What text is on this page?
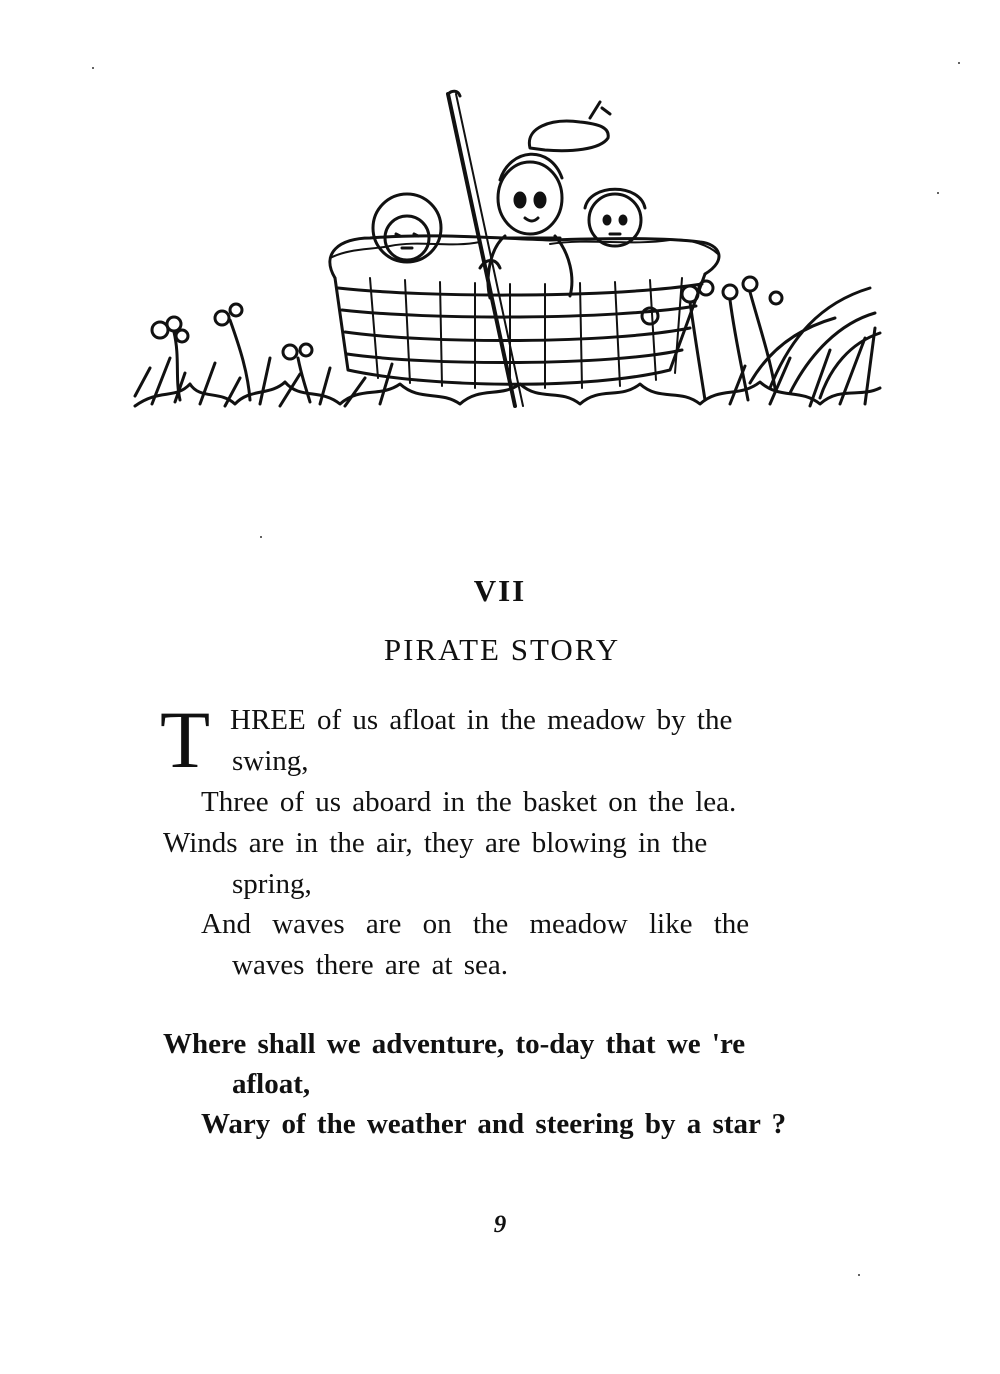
VII
PIRATE STORY
T HREE of us afloat in the meadow by the
swing,
Three of us aboard in the basket on the lea.
Winds are in the air, they are blowing in the
spring,
And waves are on the meadow like the
waves there are at sea.
Where shall we adventure, to-day that we 're
afloat,
Wary of the weather and steering by a star ?
9
